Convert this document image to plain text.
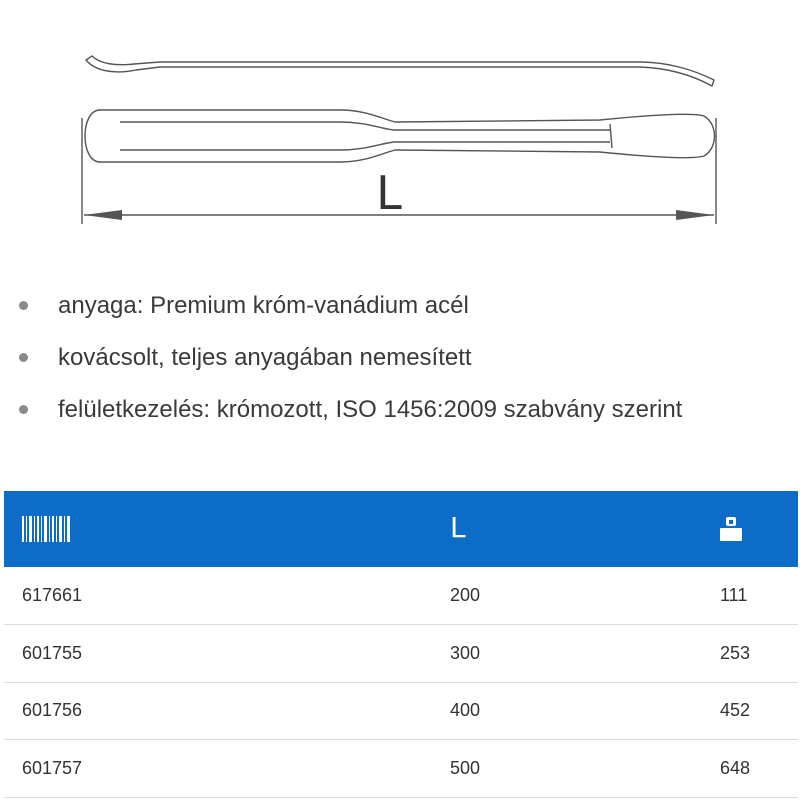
L
anyaga: Premium króm-vanádium acél
kovácsolt, teljes anyagában nemesített
felületkezelés: krómozott, ISO 1456:2009 szabvány szerint
	L	
617661	200	111
601755	300	253
601756	400	452
601757	500	648
